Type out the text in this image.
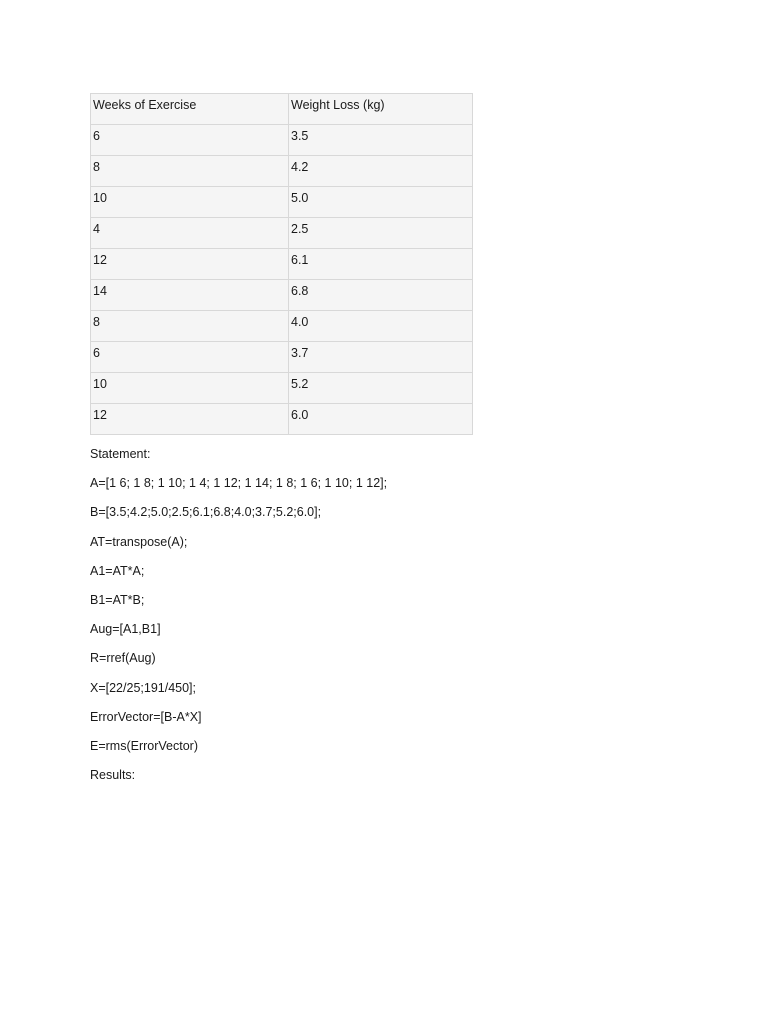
Weeks of Exercise	Weight Loss (kg)
6	3.5
8	4.2
10	5.0
4	2.5
12	6.1
14	6.8
8	4.0
6	3.7
10	5.2
12	6.0
Statement:
A=[1 6; 1 8; 1 10; 1 4; 1 12; 1 14; 1 8; 1 6; 1 10; 1 12];
B=[3.5;4.2;5.0;2.5;6.1;6.8;4.0;3.7;5.2;6.0];
AT=transpose(A);
A1=AT*A;
B1=AT*B;
Aug=[A1,B1]
R=rref(Aug)
X=[22/25;191/450];
ErrorVector=[B-A*X]
E=rms(ErrorVector)
Results:
